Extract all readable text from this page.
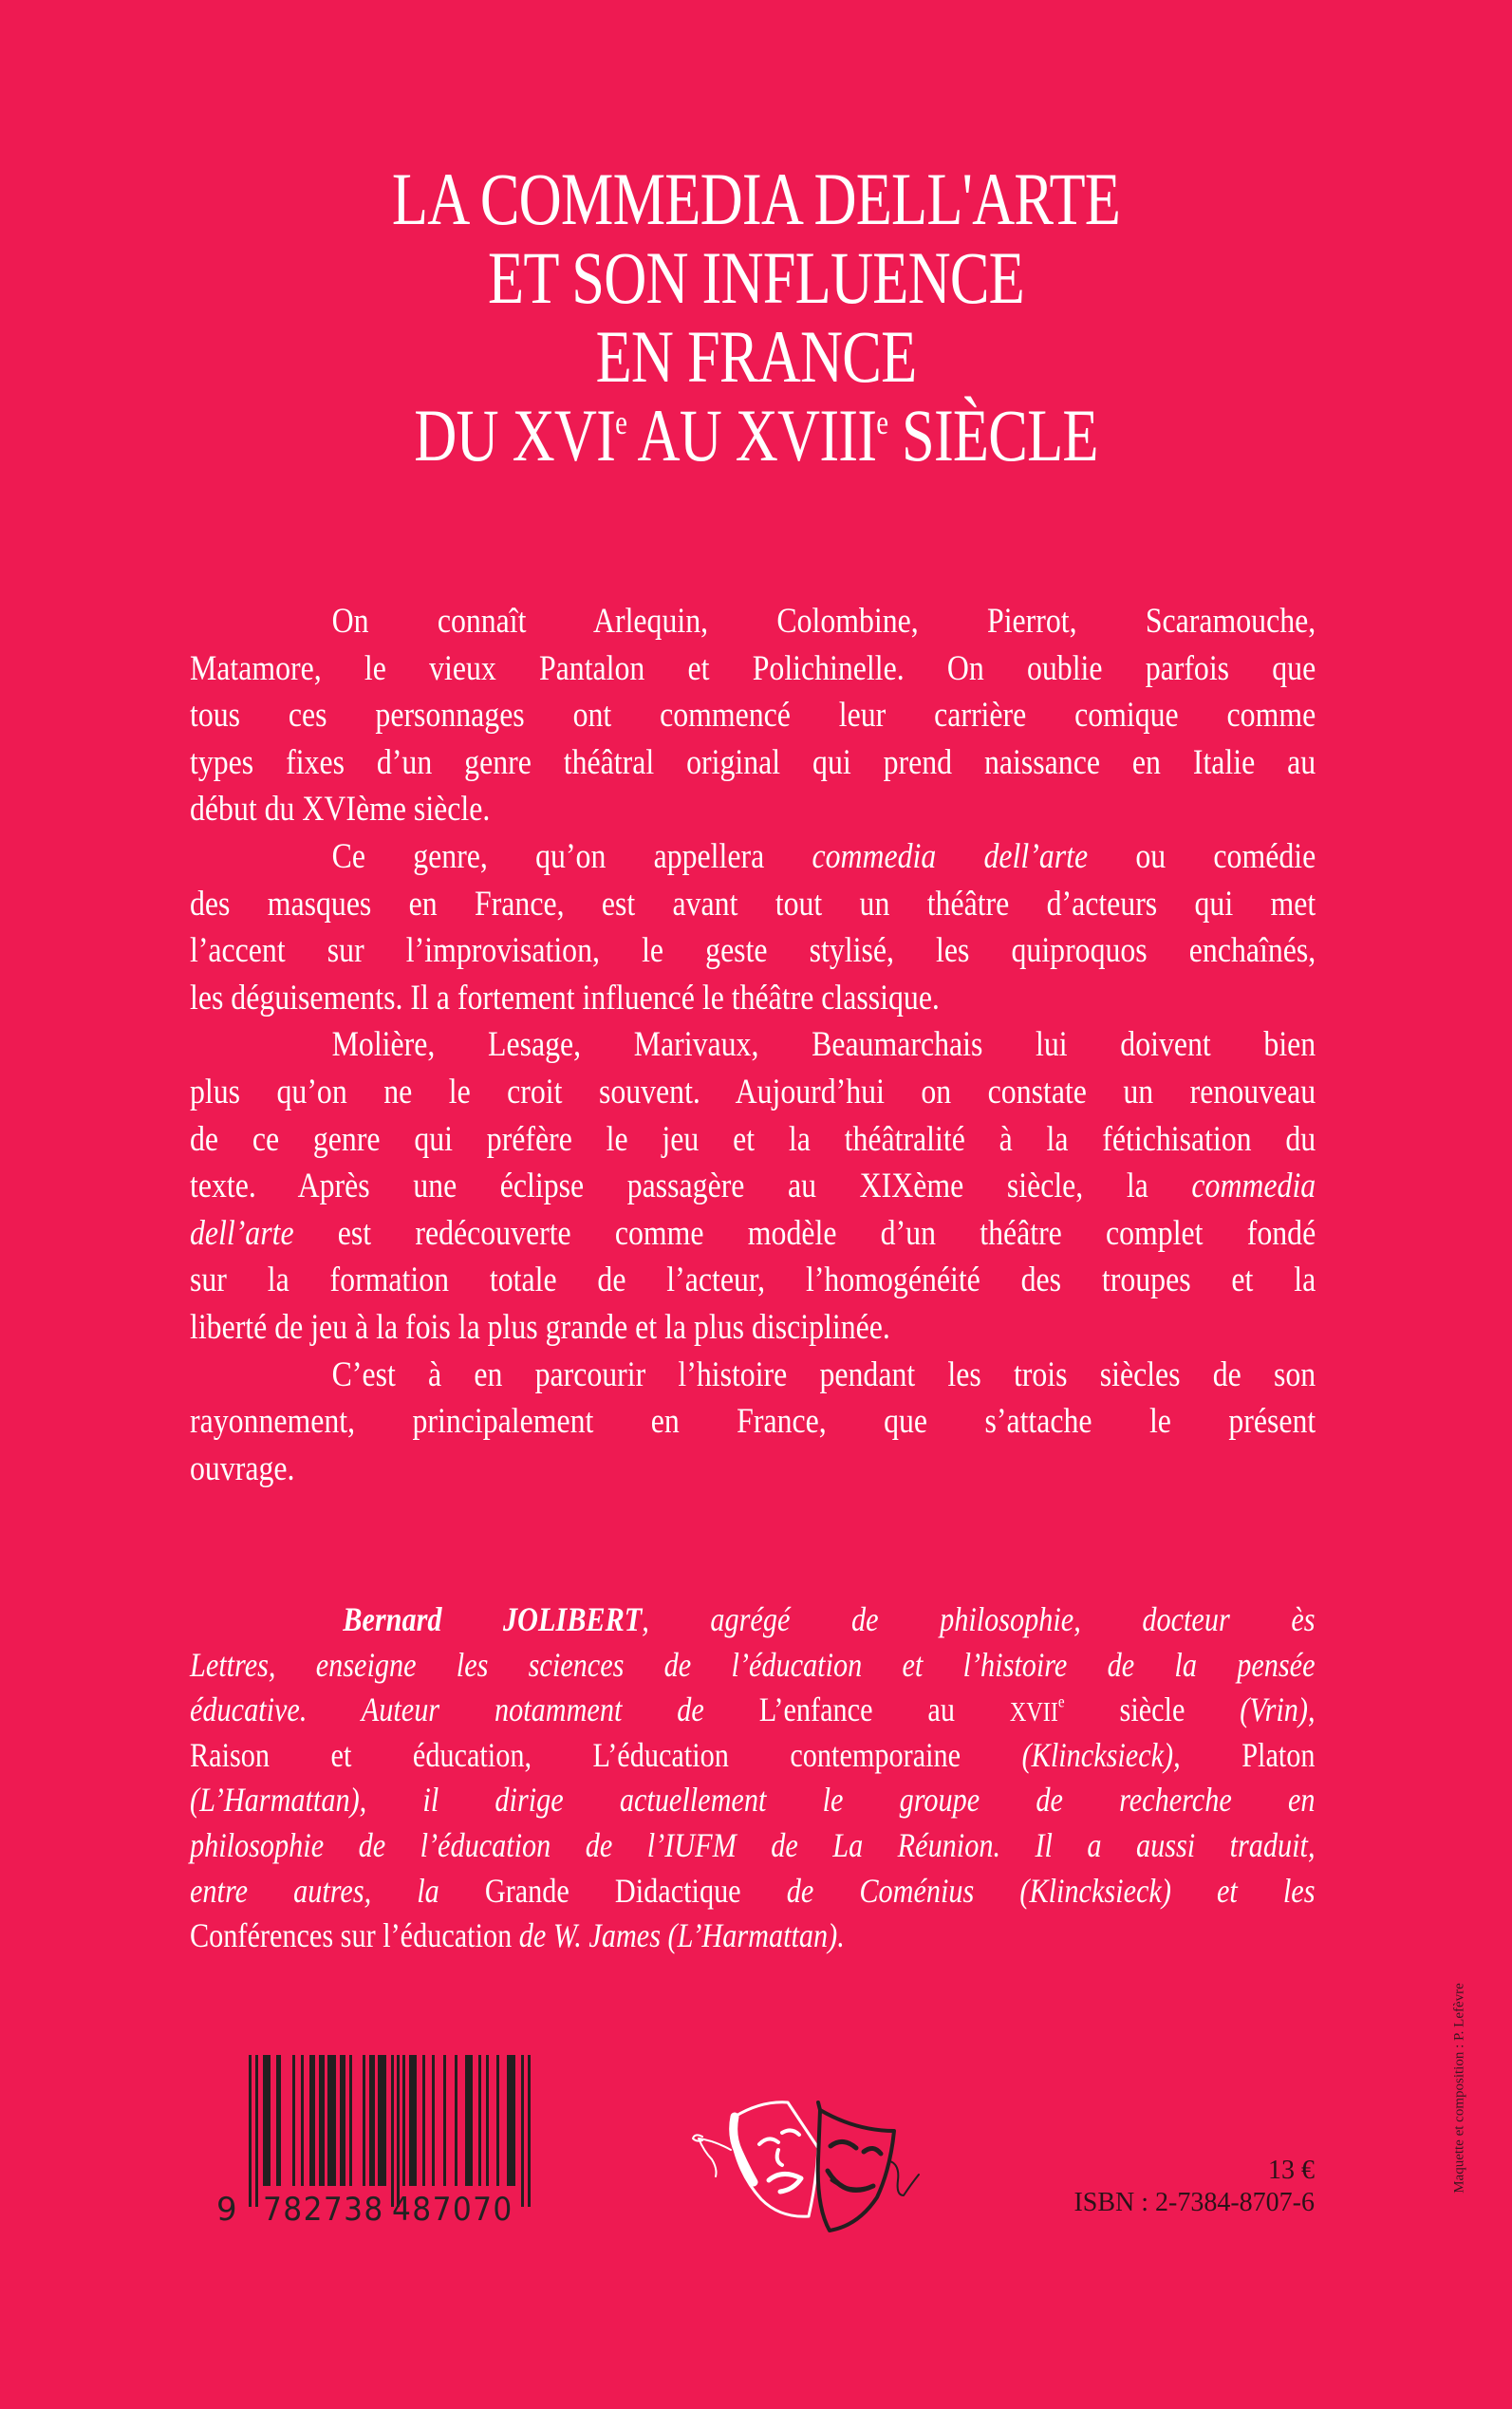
LA COMMEDIA DELL'ARTE
ET SON INFLUENCE
EN FRANCE
DU XVIe AU XVIIIe SIÈCLE
On connaît Arlequin, Colombine, Pierrot, Scaramouche,
Matamore, le vieux Pantalon et Polichinelle. On oublie parfois que
tous ces personnages ont commencé leur carrière comique comme
types fixes d’un genre théâtral original qui prend naissance en Italie au
début du XVIème siècle.
Ce genre, qu’on appellera commedia dell’arte ou comédie
des masques en France, est avant tout un théâtre d’acteurs qui met
l’accent sur l’improvisation, le geste stylisé, les quiproquos enchaînés,
les déguisements. Il a fortement influencé le théâtre classique.
Molière, Lesage, Marivaux, Beaumarchais lui doivent bien
plus qu’on ne le croit souvent. Aujourd’hui on constate un renouveau
de ce genre qui préfère le jeu et la théâtralité à la fétichisation du
texte. Après une éclipse passagère au XIXème siècle, la commedia
dell’arte est redécouverte comme modèle d’un théâtre complet fondé
sur la formation totale de l’acteur, l’homogénéité des troupes et la
liberté de jeu à la fois la plus grande et la plus disciplinée.
C’est à en parcourir l’histoire pendant les trois siècles de son
rayonnement, principalement en France, que s’attache le présent
ouvrage.
Bernard JOLIBERT, agrégé de philosophie, docteur ès
Lettres, enseigne les sciences de l’éducation et l’histoire de la pensée
éducative. Auteur notamment de L’enfance au XVIIe siècle (Vrin),
Raison et éducation, L’éducation contemporaine (Klincksieck), Platon
(L’Harmattan), il dirige actuellement le groupe de recherche en
philosophie de l’éducation de l’IUFM de La Réunion. Il a aussi traduit,
entre autres, la Grande Didactique de Coménius (Klincksieck) et les
Conférences sur l’éducation de W. James (L’Harmattan).
9 782738 487070
13 €
ISBN : 2-7384-8707-6
Maquette et composition : P. Lefèvre
